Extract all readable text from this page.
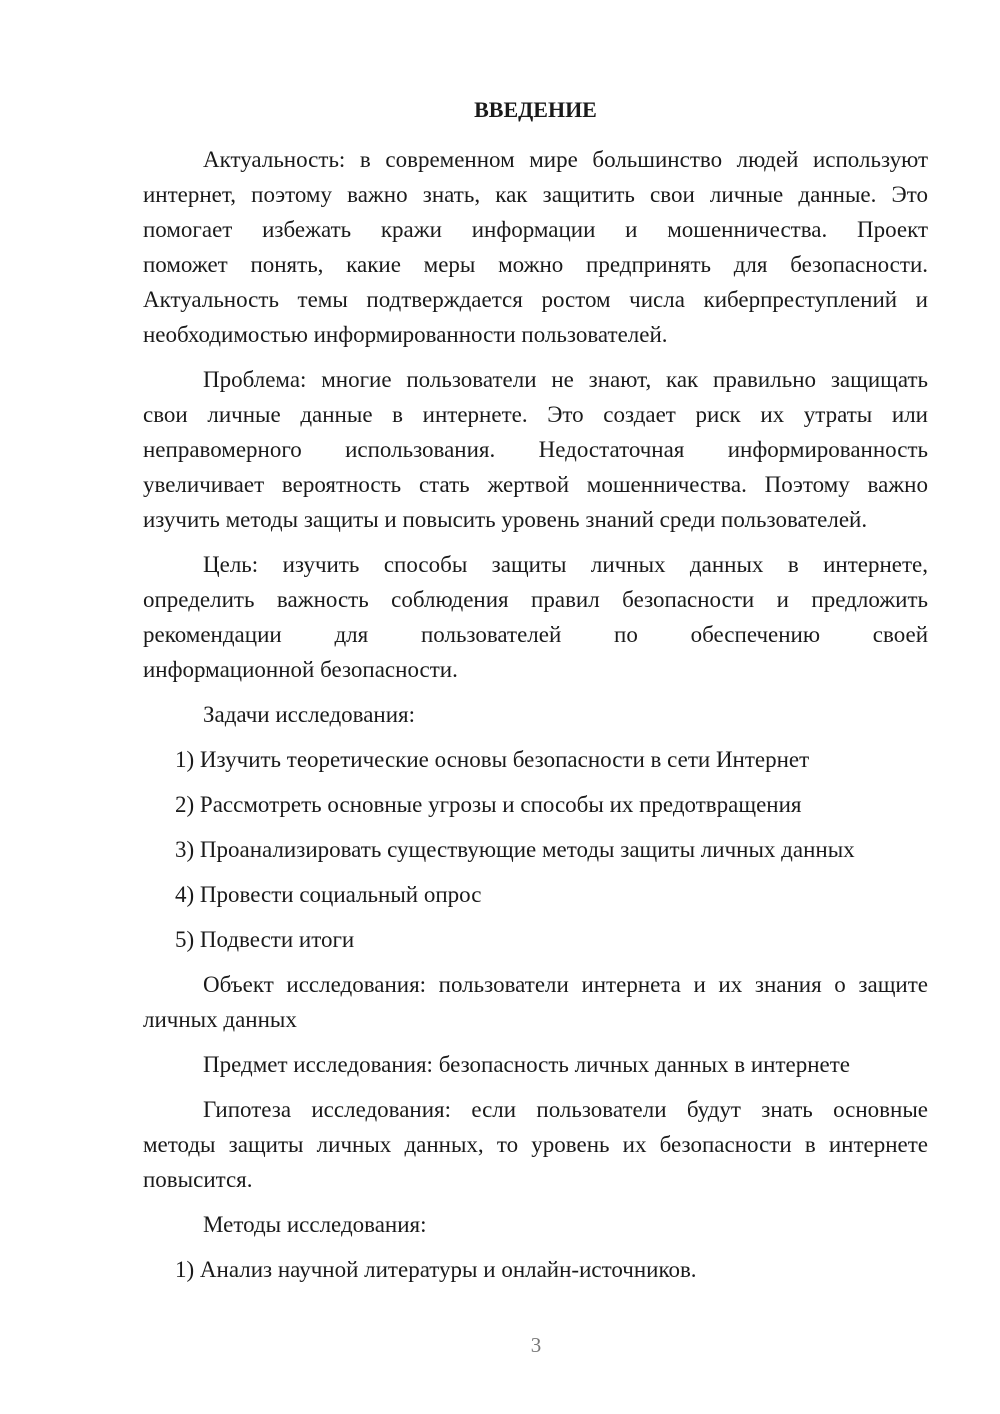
ВВЕДЕНИЕ
Актуальность: в современном мире большинство людей используют
интернет, поэтому важно знать, как защитить свои личные данные. Это
помогает избежать кражи информации и мошенничества. Проект
поможет понять, какие меры можно предпринять для безопасности.
Актуальность темы подтверждается ростом числа киберпреступлений и
необходимостью информированности пользователей.
Проблема: многие пользователи не знают, как правильно защищать
свои личные данные в интернете. Это создает риск их утраты или
неправомерного использования. Недостаточная информированность
увеличивает вероятность стать жертвой мошенничества. Поэтому важно
изучить методы защиты и повысить уровень знаний среди пользователей.
Цель: изучить способы защиты личных данных в интернете,
определить важность соблюдения правил безопасности и предложить
рекомендации для пользователей по обеспечению своей
информационной безопасности.
Задачи исследования:
1) Изучить теоретические основы безопасности в сети Интернет
2) Рассмотреть основные угрозы и способы их предотвращения
3) Проанализировать существующие методы защиты личных данных
4) Провести социальный опрос
5) Подвести итоги
Объект исследования: пользователи интернета и их знания о защите
личных данных
Предмет исследования: безопасность личных данных в интернете
Гипотеза исследования: если пользователи будут знать основные
методы защиты личных данных, то уровень их безопасности в интернете
повысится.
Методы исследования:
1) Анализ научной литературы и онлайн-источников.
3
